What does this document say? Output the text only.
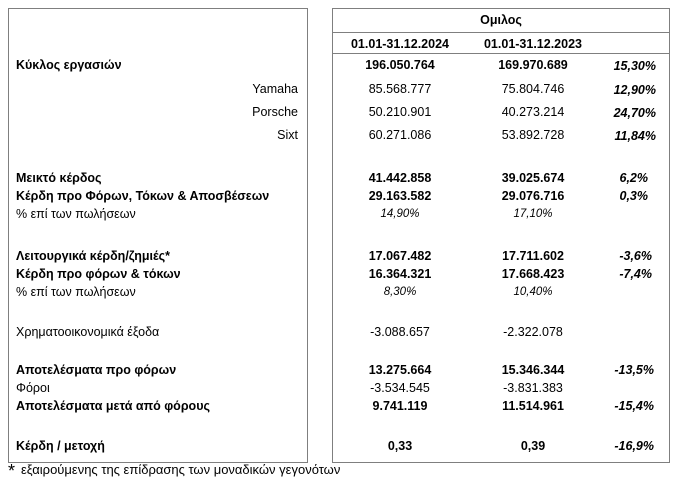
Ομιλος
01.01-31.12.2024	01.01-31.12.2023
Κύκλος εργασιών	196.050.764	169.970.689	15,30%
Yamaha	85.568.777	75.804.746	12,90%
Porsche	50.210.901	40.273.214	24,70%
Sixt	60.271.086	53.892.728	11,84%
Μεικτό κέρδος	41.442.858	39.025.674	6,2%
Κέρδη προ Φόρων, Τόκων & Αποσβέσεων	29.163.582	29.076.716	0,3%
% επί των πωλήσεων	14,90%	17,10%
Λειτουργικά κέρδη/ζημιές*	17.067.482	17.711.602	-3,6%
Κέρδη προ φόρων & τόκων	16.364.321	17.668.423	-7,4%
% επί των πωλήσεων	8,30%	10,40%
Χρηματοοικονομικά έξοδα	-3.088.657	-2.322.078
Αποτελέσματα προ φόρων	13.275.664	15.346.344	-13,5%
Φόροι	-3.534.545	-3.831.383
Αποτελέσματα μετά από φόρους	9.741.119	11.514.961	-15,4%
Κέρδη / μετοχή	0,33	0,39	-16,9%
* εξαιρούμενης της επίδρασης των μοναδικών γεγονότων
